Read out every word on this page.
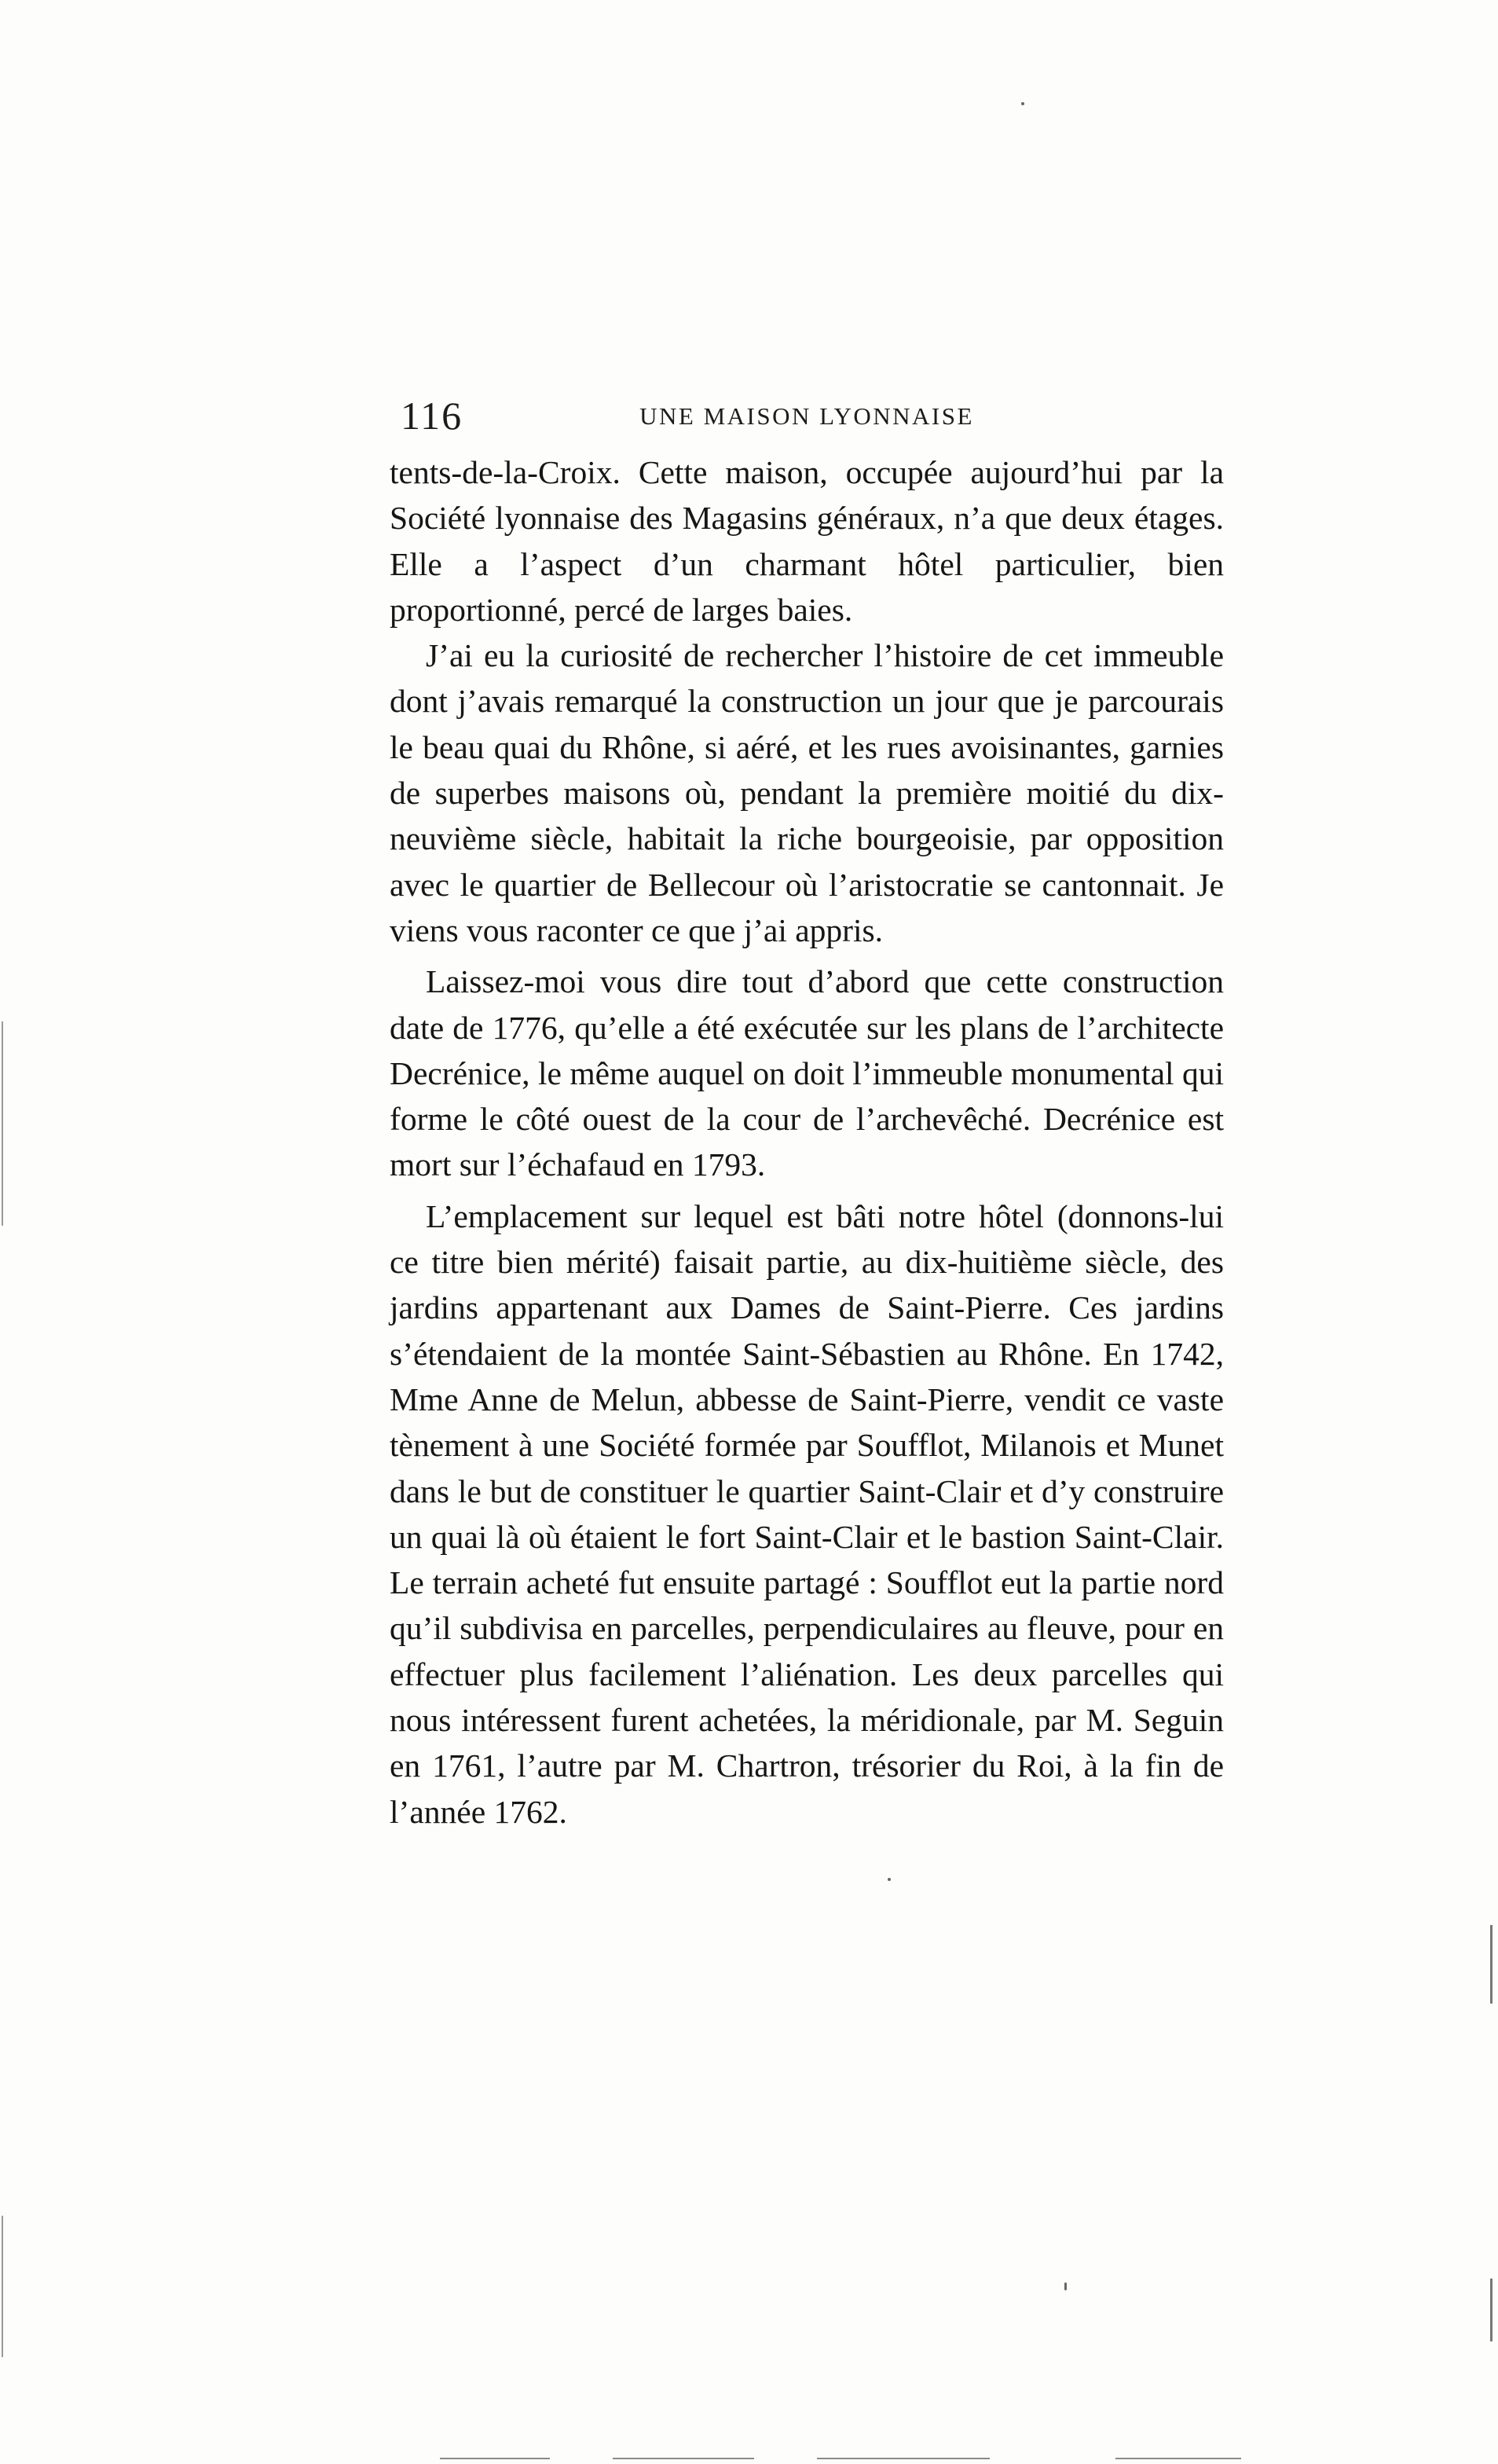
116	UNE MAISON LYONNAISE

tents-de-la-Croix. Cette maison, occupée aujourd’hui par la Société lyonnaise des Magasins généraux, n’a que deux étages. Elle a l’aspect d’un charmant hôtel particulier, bien proportionné, percé de larges baies.

J’ai eu la curiosité de rechercher l’histoire de cet immeuble dont j’avais remarqué la construction un jour que je parcourais le beau quai du Rhône, si aéré, et les rues avoisinantes, garnies de superbes maisons où, pendant la première moitié du dix-neuvième siècle, habitait la riche bourgeoisie, par opposition avec le quartier de Bellecour où l’aristocratie se cantonnait. Je viens vous raconter ce que j’ai appris.

Laissez-moi vous dire tout d’abord que cette construction date de 1776, qu’elle a été exécutée sur les plans de l’architecte Decrénice, le même auquel on doit l’immeuble monumental qui forme le côté ouest de la cour de l’archevêché. Decrénice est mort sur l’échafaud en 1793.

L’emplacement sur lequel est bâti notre hôtel (donnons-lui ce titre bien mérité) faisait partie, au dix-huitième siècle, des jardins appartenant aux Dames de Saint-Pierre. Ces jardins s’étendaient de la montée Saint-Sébastien au Rhône. En 1742, Mme Anne de Melun, abbesse de Saint-Pierre, vendit ce vaste tènement à une Société formée par Soufflot, Milanois et Munet dans le but de constituer le quartier Saint-Clair et d’y construire un quai là où étaient le fort Saint-Clair et le bastion Saint-Clair. Le terrain acheté fut ensuite partagé : Soufflot eut la partie nord qu’il subdivisa en parcelles, perpendiculaires au fleuve, pour en effectuer plus facilement l’aliénation. Les deux parcelles qui nous intéressent furent achetées, la méridionale, par M. Seguin en 1761, l’autre par M. Chartron, trésorier du Roi, à la fin de l’année 1762.
